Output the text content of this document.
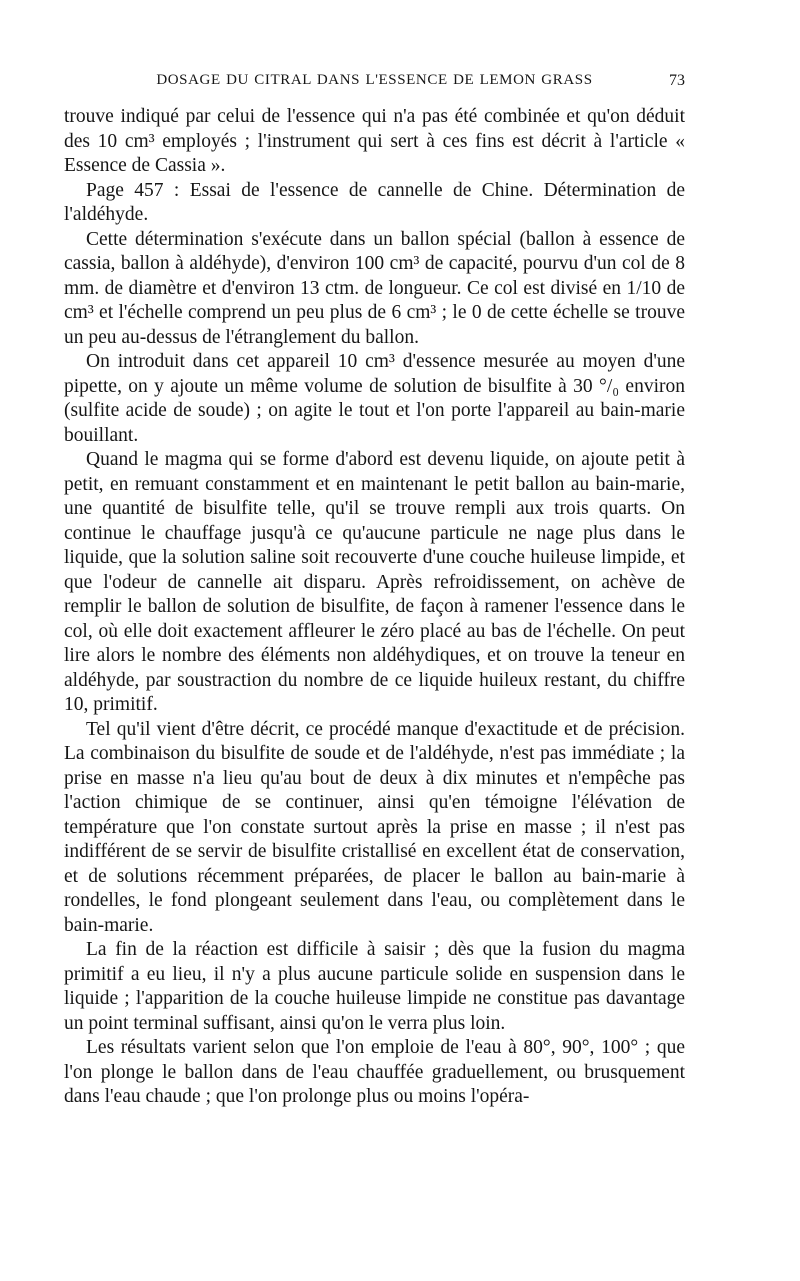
DOSAGE DU CITRAL DANS L'ESSENCE DE LEMON GRASS	73

trouve indiqué par celui de l'essence qui n'a pas été combinée et qu'on déduit des 10 cm³ employés ; l'instrument qui sert à ces fins est décrit à l'article « Essence de Cassia ».

Page 457 : Essai de l'essence de cannelle de Chine. Détermination de l'aldéhyde.

Cette détermination s'exécute dans un ballon spécial (ballon à essence de cassia, ballon à aldéhyde), d'environ 100 cm³ de capacité, pourvu d'un col de 8 mm. de diamètre et d'environ 13 ctm. de longueur. Ce col est divisé en 1/10 de cm³ et l'échelle comprend un peu plus de 6 cm³ ; le 0 de cette échelle se trouve un peu au-dessus de l'étranglement du ballon.

On introduit dans cet appareil 10 cm³ d'essence mesurée au moyen d'une pipette, on y ajoute un même volume de solution de bisulfite à 30 °/₀ environ (sulfite acide de soude) ; on agite le tout et l'on porte l'appareil au bain-marie bouillant.

Quand le magma qui se forme d'abord est devenu liquide, on ajoute petit à petit, en remuant constamment et en maintenant le petit ballon au bain-marie, une quantité de bisulfite telle, qu'il se trouve rempli aux trois quarts. On continue le chauffage jusqu'à ce qu'aucune particule ne nage plus dans le liquide, que la solution saline soit recouverte d'une couche huileuse limpide, et que l'odeur de cannelle ait disparu. Après refroidissement, on achève de remplir le ballon de solution de bisulfite, de façon à ramener l'essence dans le col, où elle doit exactement affleurer le zéro placé au bas de l'échelle. On peut lire alors le nombre des éléments non aldéhydiques, et on trouve la teneur en aldéhyde, par soustraction du nombre de ce liquide huileux restant, du chiffre 10, primitif.

Tel qu'il vient d'être décrit, ce procédé manque d'exactitude et de précision. La combinaison du bisulfite de soude et de l'aldéhyde, n'est pas immédiate ; la prise en masse n'a lieu qu'au bout de deux à dix minutes et n'empêche pas l'action chimique de se continuer, ainsi qu'en témoigne l'élévation de température que l'on constate surtout après la prise en masse ; il n'est pas indifférent de se servir de bisulfite cristallisé en excellent état de conservation, et de solutions récemment préparées, de placer le ballon au bain-marie à rondelles, le fond plongeant seulement dans l'eau, ou complètement dans le bain-marie.

La fin de la réaction est difficile à saisir ; dès que la fusion du magma primitif a eu lieu, il n'y a plus aucune particule solide en suspension dans le liquide ; l'apparition de la couche huileuse limpide ne constitue pas davantage un point terminal suffisant, ainsi qu'on le verra plus loin.

Les résultats varient selon que l'on emploie de l'eau à 80°, 90°, 100° ; que l'on plonge le ballon dans de l'eau chauffée graduellement, ou brusquement dans l'eau chaude ; que l'on prolonge plus ou moins l'opéra-
